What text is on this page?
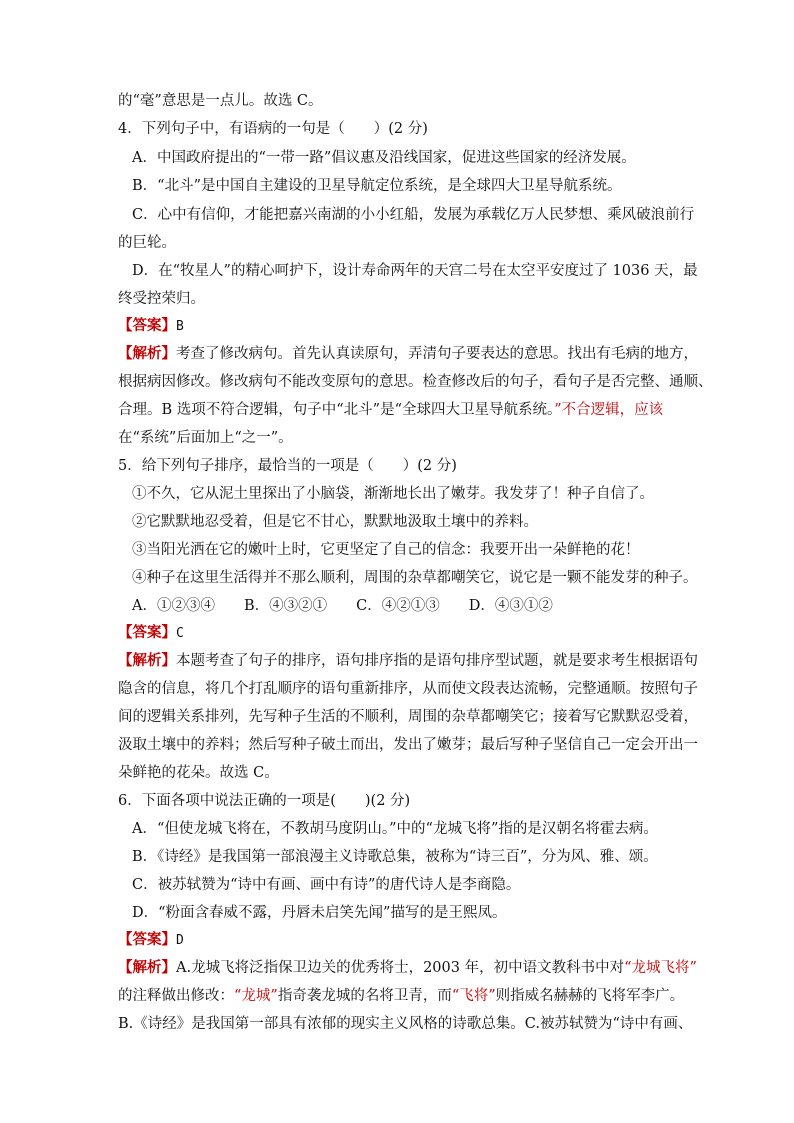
的“毫”意思是一点儿。故选 C。
4．下列句子中，有语病的一句是（　　）(2 分)
A．中国政府提出的“一带一路”倡议惠及沿线国家，促进这些国家的经济发展。
B．“北斗”是中国自主建设的卫星导航定位系统，是全球四大卫星导航系统。
C．心中有信仰，才能把嘉兴南湖的小小红船，发展为承载亿万人民梦想、乘风破浪前行
的巨轮。
D．在“牧星人”的精心呵护下，设计寿命两年的天宫二号在太空平安度过了 1036 天，最
终受控荣归。
【答案】B
【解析】考查了修改病句。首先认真读原句，弄清句子要表达的意思。找出有毛病的地方，
根据病因修改。修改病句不能改变原句的意思。检查修改后的句子，看句子是否完整、通顺、
合理。B 选项不符合逻辑，句子中“北斗”是“全球四大卫星导航系统。”不合逻辑，应该
在“系统”后面加上“之一”。
5．给下列句子排序，最恰当的一项是（　　）(2 分)
①不久，它从泥土里探出了小脑袋，渐渐地长出了嫩芽。我发芽了！种子自信了。
②它默默地忍受着，但是它不甘心，默默地汲取土壤中的养料。
③当阳光洒在它的嫩叶上时，它更坚定了自己的信念：我要开出一朵鲜艳的花！
④种子在这里生活得并不那么顺利，周围的杂草都嘲笑它，说它是一颗不能发芽的种子。
A．①②③④　　B．④③②①　　C．④②①③　　D．④③①②
【答案】C
【解析】本题考查了句子的排序，语句排序指的是语句排序型试题，就是要求考生根据语句
隐含的信息，将几个打乱顺序的语句重新排序，从而使文段表达流畅，完整通顺。按照句子
间的逻辑关系排列，先写种子生活的不顺利，周围的杂草都嘲笑它；接着写它默默忍受着，
汲取土壤中的养料；然后写种子破土而出，发出了嫩芽；最后写种子坚信自己一定会开出一
朵鲜艳的花朵。故选 C。
6．下面各项中说法正确的一项是(　　)(2 分)
A．“但使龙城飞将在，不教胡马度阴山。”中的“龙城飞将”指的是汉朝名将霍去病。
B．《诗经》是我国第一部浪漫主义诗歌总集，被称为“诗三百”，分为风、雅、颂。
C．被苏轼赞为“诗中有画、画中有诗”的唐代诗人是李商隐。
D．“粉面含春威不露，丹唇未启笑先闻”描写的是王熙凤。
【答案】D
【解析】A.龙城飞将泛指保卫边关的优秀将士，2003 年，初中语文教科书中对“龙城飞将”
的注释做出修改：“龙城”指奇袭龙城的名将卫青，而“飞将”则指威名赫赫的飞将军李广。
B.《诗经》是我国第一部具有浓郁的现实主义风格的诗歌总集。C.被苏轼赞为“诗中有画、
